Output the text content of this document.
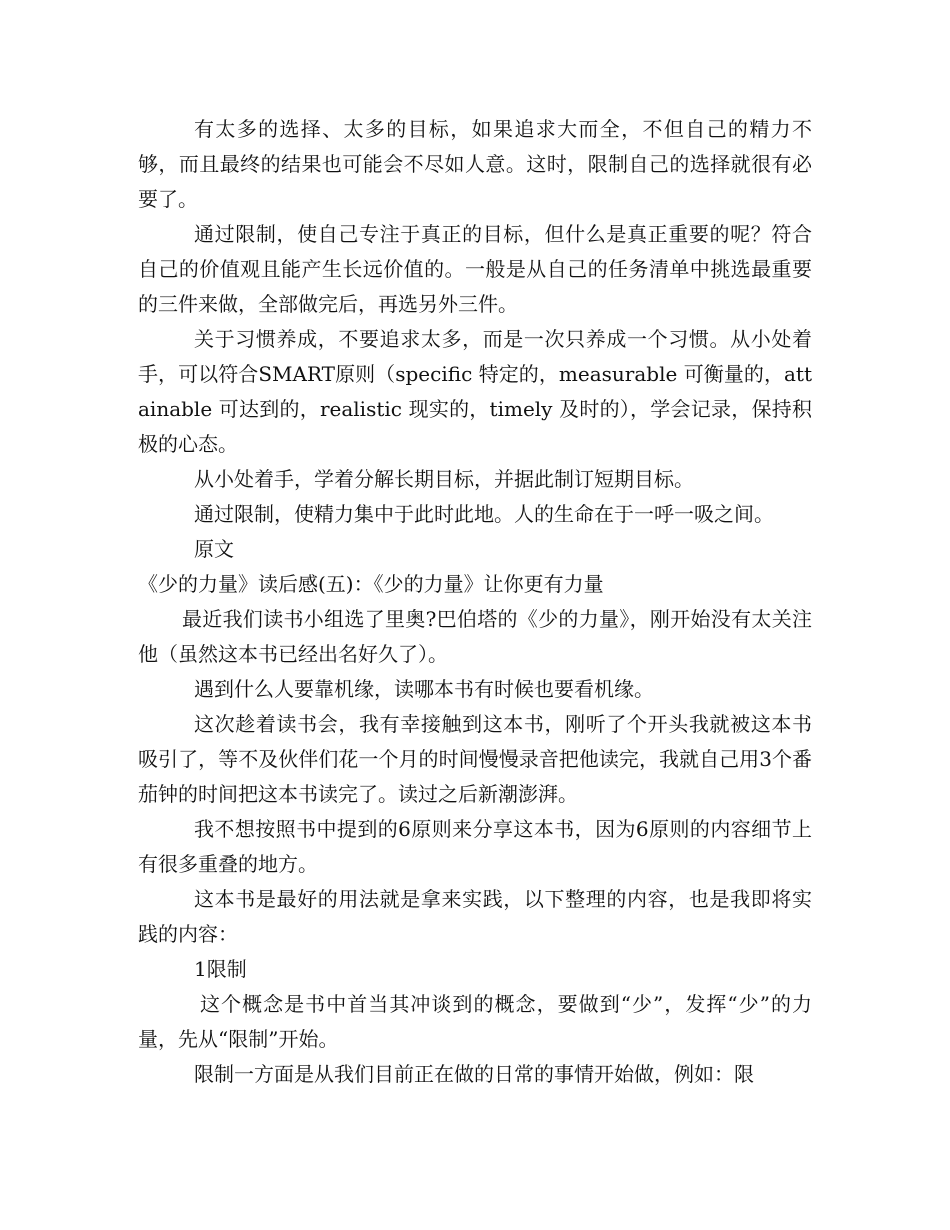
有太多的选择、太多的目标，如果追求大而全，不但自己的精力不够，而且最终的结果也可能会不尽如人意。这时，限制自己的选择就很有必要了。

通过限制，使自己专注于真正的目标，但什么是真正重要的呢？符合自己的价值观且能产生长远价值的。一般是从自己的任务清单中挑选最重要的三件来做，全部做完后，再选另外三件。

关于习惯养成，不要追求太多，而是一次只养成一个习惯。从小处着手，可以符合SMART原则（specific 特定的，measurable 可衡量的，attainable 可达到的，realistic 现实的，timely 及时的），学会记录，保持积极的心态。

从小处着手，学着分解长期目标，并据此制订短期目标。

通过限制，使精力集中于此时此地。人的生命在于一呼一吸之间。

原文

《少的力量》读后感(五)：《少的力量》让你更有力量

最近我们读书小组选了里奥?巴伯塔的《少的力量》，刚开始没有太关注他（虽然这本书已经出名好久了）。

遇到什么人要靠机缘，读哪本书有时候也要看机缘。

这次趁着读书会，我有幸接触到这本书，刚听了个开头我就被这本书吸引了，等不及伙伴们花一个月的时间慢慢录音把他读完，我就自己用3个番茄钟的时间把这本书读完了。读过之后新潮澎湃。

我不想按照书中提到的6原则来分享这本书，因为6原则的内容细节上有很多重叠的地方。

这本书是最好的用法就是拿来实践，以下整理的内容，也是我即将实践的内容：

1限制

这个概念是书中首当其冲谈到的概念，要做到“少”，发挥“少”的力量，先从“限制”开始。

限制一方面是从我们目前正在做的日常的事情开始做，例如：限
